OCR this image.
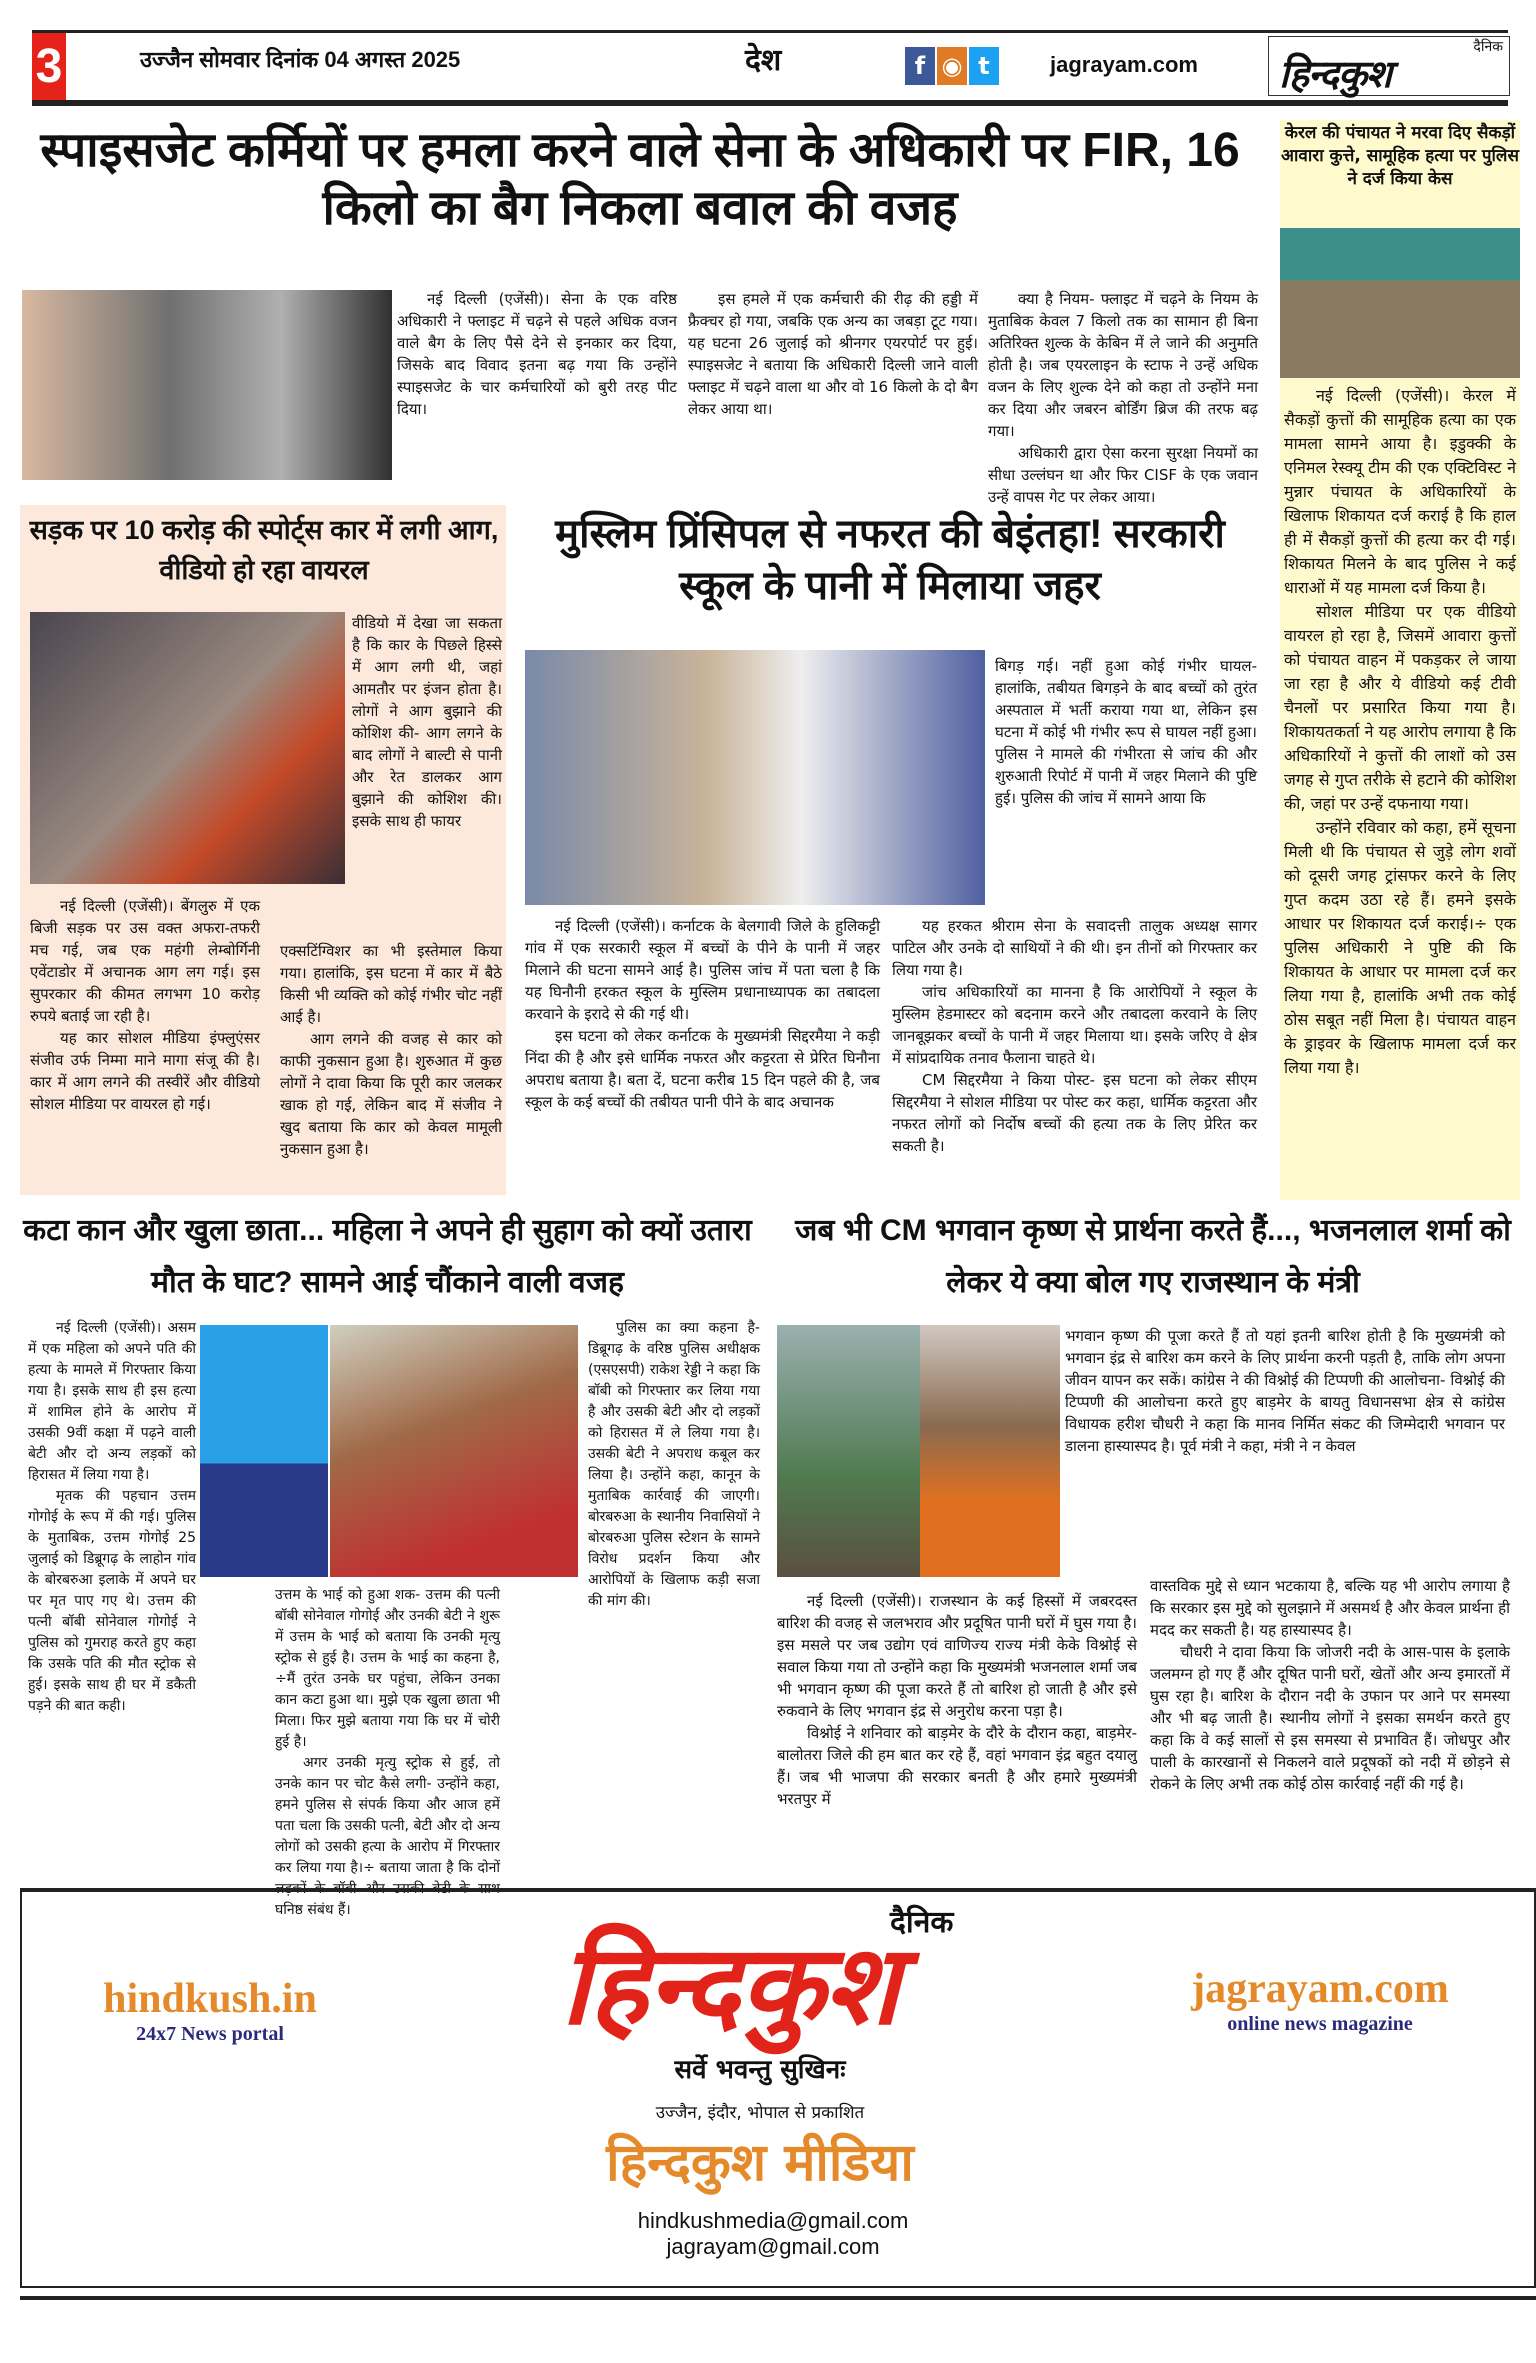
3	उज्जैन सोमवार दिनांक 04 अगस्त 2025	देश	f ◉ t	jagrayam.com
दैनिक
हिन्दकुश
स्पाइसजेट कर्मियों पर हमला करने वाले सेना के अधिकारी पर FIR, 16 किलो का बैग निकला बवाल की वजह

नई दिल्ली (एजेंसी)। सेना के एक वरिष्ठ अधिकारी ने फ्लाइट में चढ़ने से पहले अधिक वजन वाले बैग के लिए पैसे देने से इनकार कर दिया, जिसके बाद विवाद इतना बढ़ गया कि उन्होंने स्पाइसजेट के चार कर्मचारियों को बुरी तरह पीट दिया।

इस हमले में एक कर्मचारी की रीढ़ की हड्डी में फ्रैक्चर हो गया, जबकि एक अन्य का जबड़ा टूट गया। यह घटना 26 जुलाई को श्रीनगर एयरपोर्ट पर हुई। स्पाइसजेट ने बताया कि अधिकारी दिल्ली जाने वाली फ्लाइट में चढ़ने वाला था और वो 16 किलो के दो बैग लेकर आया था।

क्या है नियम- फ्लाइट में चढ़ने के नियम के मुताबिक केवल 7 किलो तक का सामान ही बिना अतिरिक्त शुल्क के केबिन में ले जाने की अनुमति होती है। जब एयरलाइन के स्टाफ ने उन्हें अधिक वजन के लिए शुल्क देने को कहा तो उन्होंने मना कर दिया और जबरन बोर्डिंग ब्रिज की तरफ बढ़ गया।

अधिकारी द्वारा ऐसा करना सुरक्षा नियमों का सीधा उल्लंघन था और फिर CISF के एक जवान उन्हें वापस गेट पर लेकर आया।

केरल की पंचायत ने मरवा दिए सैकड़ों आवारा कुत्ते, सामूहिक हत्या पर पुलिस ने दर्ज किया केस

नई दिल्ली (एजेंसी)। केरल में सैकड़ों कुत्तों की सामूहिक हत्या का एक मामला सामने आया है। इडुक्की के एनिमल रेस्क्यू टीम की एक एक्टिविस्ट ने मुन्नार पंचायत के अधिकारियों के खिलाफ शिकायत दर्ज कराई है कि हाल ही में सैकड़ों कुत्तों की हत्या कर दी गई। शिकायत मिलने के बाद पुलिस ने कई धाराओं में यह मामला दर्ज किया है।

सोशल मीडिया पर एक वीडियो वायरल हो रहा है, जिसमें आवारा कुत्तों को पंचायत वाहन में पकड़कर ले जाया जा रहा है और ये वीडियो कई टीवी चैनलों पर प्रसारित किया गया है। शिकायतकर्ता ने यह आरोप लगाया है कि अधिकारियों ने कुत्तों की लाशों को उस जगह से गुप्त तरीके से हटाने की कोशिश की, जहां पर उन्हें दफनाया गया।

उन्होंने रविवार को कहा, हमें सूचना मिली थी कि पंचायत से जुड़े लोग शवों को दूसरी जगह ट्रांसफर करने के लिए गुप्त कदम उठा रहे हैं। हमने इसके आधार पर शिकायत दर्ज कराई।÷ एक पुलिस अधिकारी ने पुष्टि की कि शिकायत के आधार पर मामला दर्ज कर लिया गया है, हालांकि अभी तक कोई ठोस सबूत नहीं मिला है। पंचायत वाहन के ड्राइवर के खिलाफ मामला दर्ज कर लिया गया है।

सड़क पर 10 करोड़ की स्पोर्ट्स कार में लगी आग, वीडियो हो रहा वायरल
वीडियो में देखा जा सकता है कि कार के पिछले हिस्से में आग लगी थी, जहां आमतौर पर इंजन होता है। लोगों ने आग बुझाने की कोशिश की- आग लगने के बाद लोगों ने बाल्टी से पानी और रेत डालकर आग बुझाने की कोशिश की। इसके साथ ही फायर

नई दिल्ली (एजेंसी)। बेंगलुरु में एक बिजी सड़क पर उस वक्त अफरा-तफरी मच गई, जब एक महंगी लेम्बोर्गिनी एवेंटाडोर में अचानक आग लग गई। इस सुपरकार की कीमत लगभग 10 करोड़ रुपये बताई जा रही है।

यह कार सोशल मीडिया इंफ्लुएंसर संजीव उर्फ निम्मा माने मागा संजू की है। कार में आग लगने की तस्वीरें और वीडियो सोशल मीडिया पर वायरल हो गई।

एक्सटिंग्विशर का भी इस्तेमाल किया गया। हालांकि, इस घटना में कार में बैठे किसी भी व्यक्ति को कोई गंभीर चोट नहीं आई है।

आग लगने की वजह से कार को काफी नुकसान हुआ है। शुरुआत में कुछ लोगों ने दावा किया कि पूरी कार जलकर खाक हो गई, लेकिन बाद में संजीव ने खुद बताया कि कार को केवल मामूली नुकसान हुआ है।

मुस्लिम प्रिंसिपल से नफरत की बेइंतहा! सरकारी स्कूल के पानी में मिलाया जहर
बिगड़ गई। नहीं हुआ कोई गंभीर घायल- हालांकि, तबीयत बिगड़ने के बाद बच्चों को तुरंत अस्पताल में भर्ती कराया गया था, लेकिन इस घटना में कोई भी गंभीर रूप से घायल नहीं हुआ। पुलिस ने मामले की गंभीरता से जांच की और शुरुआती रिपोर्ट में पानी में जहर मिलाने की पुष्टि हुई। पुलिस की जांच में सामने आया कि

नई दिल्ली (एजेंसी)। कर्नाटक के बेलगावी जिले के हुलिकट्टी गांव में एक सरकारी स्कूल में बच्चों के पीने के पानी में जहर मिलाने की घटना सामने आई है। पुलिस जांच में पता चला है कि यह घिनौनी हरकत स्कूल के मुस्लिम प्रधानाध्यापक का तबादला करवाने के इरादे से की गई थी।

इस घटना को लेकर कर्नाटक के मुख्यमंत्री सिद्दरमैया ने कड़ी निंदा की है और इसे धार्मिक नफरत और कट्टरता से प्रेरित घिनौना अपराध बताया है। बता दें, घटना करीब 15 दिन पहले की है, जब स्कूल के कई बच्चों की तबीयत पानी पीने के बाद अचानक

यह हरकत श्रीराम सेना के सवादत्ती तालुक अध्यक्ष सागर पाटिल और उनके दो साथियों ने की थी। इन तीनों को गिरफ्तार कर लिया गया है।

जांच अधिकारियों का मानना है कि आरोपियों ने स्कूल के मुस्लिम हेडमास्टर को बदनाम करने और तबादला करवाने के लिए जानबूझकर बच्चों के पानी में जहर मिलाया था। इसके जरिए वे क्षेत्र में सांप्रदायिक तनाव फैलाना चाहते थे।

CM सिद्दरमैया ने किया पोस्ट- इस घटना को लेकर सीएम सिद्दरमैया ने सोशल मीडिया पर पोस्ट कर कहा, धार्मिक कट्टरता और नफरत लोगों को निर्दोष बच्चों की हत्या तक के लिए प्रेरित कर सकती है।

कटा कान और खुला छाता... महिला ने अपने ही सुहाग को क्यों उतारा मौत के घाट? सामने आई चौंकाने वाली वजह

नई दिल्ली (एजेंसी)। असम में एक महिला को अपने पति की हत्या के मामले में गिरफ्तार किया गया है। इसके साथ ही इस हत्या में शामिल होने के आरोप में उसकी 9वीं कक्षा में पढ़ने वाली बेटी और दो अन्य लड़कों को हिरासत में लिया गया है।

मृतक की पहचान उत्तम गोगोई के रूप में की गई। पुलिस के मुताबिक, उत्तम गोगोई 25 जुलाई को डिब्रूगढ़ के लाहोन गांव के बोरबरुआ इलाके में अपने घर पर मृत पाए गए थे। उत्तम की पत्नी बॉबी सोनेवाल गोगोई ने पुलिस को गुमराह करते हुए कहा कि उसके पति की मौत स्ट्रोक से हुई। इसके साथ ही घर में डकैती पड़ने की बात कही।

उत्तम के भाई को हुआ शक- उत्तम की पत्नी बॉबी सोनेवाल गोगोई और उनकी बेटी ने शुरू में उत्तम के भाई को बताया कि उनकी मृत्यु स्ट्रोक से हुई है। उत्तम के भाई का कहना है, ÷मैं तुरंत उनके घर पहुंचा, लेकिन उनका कान कटा हुआ था। मुझे एक खुला छाता भी मिला। फिर मुझे बताया गया कि घर में चोरी हुई है।

अगर उनकी मृत्यु स्ट्रोक से हुई, तो उनके कान पर चोट कैसे लगी- उन्होंने कहा, हमने पुलिस से संपर्क किया और आज हमें पता चला कि उसकी पत्नी, बेटी और दो अन्य लोगों को उसकी हत्या के आरोप में गिरफ्तार कर लिया गया है।÷ बताया जाता है कि दोनों लड़कों के बॉबी और उसकी बेटी के साथ घनिष्ठ संबंध हैं।

पुलिस का क्या कहना है- डिब्रूगढ़ के वरिष्ठ पुलिस अधीक्षक (एसएसपी) राकेश रेड्डी ने कहा कि बॉबी को गिरफ्तार कर लिया गया है और उसकी बेटी और दो लड़कों को हिरासत में ले लिया गया है। उसकी बेटी ने अपराध कबूल कर लिया है। उन्होंने कहा, कानून के मुताबिक कार्रवाई की जाएगी। बोरबरुआ के स्थानीय निवासियों ने बोरबरुआ पुलिस स्टेशन के सामने विरोध प्रदर्शन किया और आरोपियों के खिलाफ कड़ी सजा की मांग की।

जब भी CM भगवान कृष्ण से प्रार्थना करते हैं..., भजनलाल शर्मा को लेकर ये क्या बोल गए राजस्थान के मंत्री
भगवान कृष्ण की पूजा करते हैं तो यहां इतनी बारिश होती है कि मुख्यमंत्री को भगवान इंद्र से बारिश कम करने के लिए प्रार्थना करनी पड़ती है, ताकि लोग अपना जीवन यापन कर सकें। कांग्रेस ने की विश्नोई की टिप्पणी की आलोचना- विश्नोई की टिप्पणी की आलोचना करते हुए बाड़मेर के बायतु विधानसभा क्षेत्र से कांग्रेस विधायक हरीश चौधरी ने कहा कि मानव निर्मित संकट की जिम्मेदारी भगवान पर डालना हास्यास्पद है। पूर्व मंत्री ने कहा, मंत्री ने न केवल

नई दिल्ली (एजेंसी)। राजस्थान के कई हिस्सों में जबरदस्त बारिश की वजह से जलभराव और प्रदूषित पानी घरों में घुस गया है। इस मसले पर जब उद्योग एवं वाणिज्य राज्य मंत्री केके विश्नोई से सवाल किया गया तो उन्होंने कहा कि मुख्यमंत्री भजनलाल शर्मा जब भी भगवान कृष्ण की पूजा करते हैं तो बारिश हो जाती है और इसे रुकवाने के लिए भगवान इंद्र से अनुरोध करना पड़ा है।

विश्नोई ने शनिवार को बाड़मेर के दौरे के दौरान कहा, बाड़मेर-बालोतरा जिले की हम बात कर रहे हैं, वहां भगवान इंद्र बहुत दयालु हैं। जब भी भाजपा की सरकार बनती है और हमारे मुख्यमंत्री भरतपुर में

वास्तविक मुद्दे से ध्यान भटकाया है, बल्कि यह भी आरोप लगाया है कि सरकार इस मुद्दे को सुलझाने में असमर्थ है और केवल प्रार्थना ही मदद कर सकती है। यह हास्यास्पद है।

चौधरी ने दावा किया कि जोजरी नदी के आस-पास के इलाके जलमग्न हो गए हैं और दूषित पानी घरों, खेतों और अन्य इमारतों में घुस रहा है। बारिश के दौरान नदी के उफान पर आने पर समस्या और भी बढ़ जाती है। स्थानीय लोगों ने इसका समर्थन करते हुए कहा कि वे कई सालों से इस समस्या से प्रभावित हैं। जोधपुर और पाली के कारखानों से निकलने वाले प्रदूषकों को नदी में छोड़ने से रोकने के लिए अभी तक कोई ठोस कार्रवाई नहीं की गई है।

दैनिक
हिन्दकुश
सर्वे भवन्तु सुखिनः
उज्जैन, इंदौर, भोपाल से प्रकाशित
हिन्दकुश मीडिया
hindkush.in
24x7 News portal
jagrayam.com
online news magazine
hindkushmedia@gmail.com
jagrayam@gmail.com
